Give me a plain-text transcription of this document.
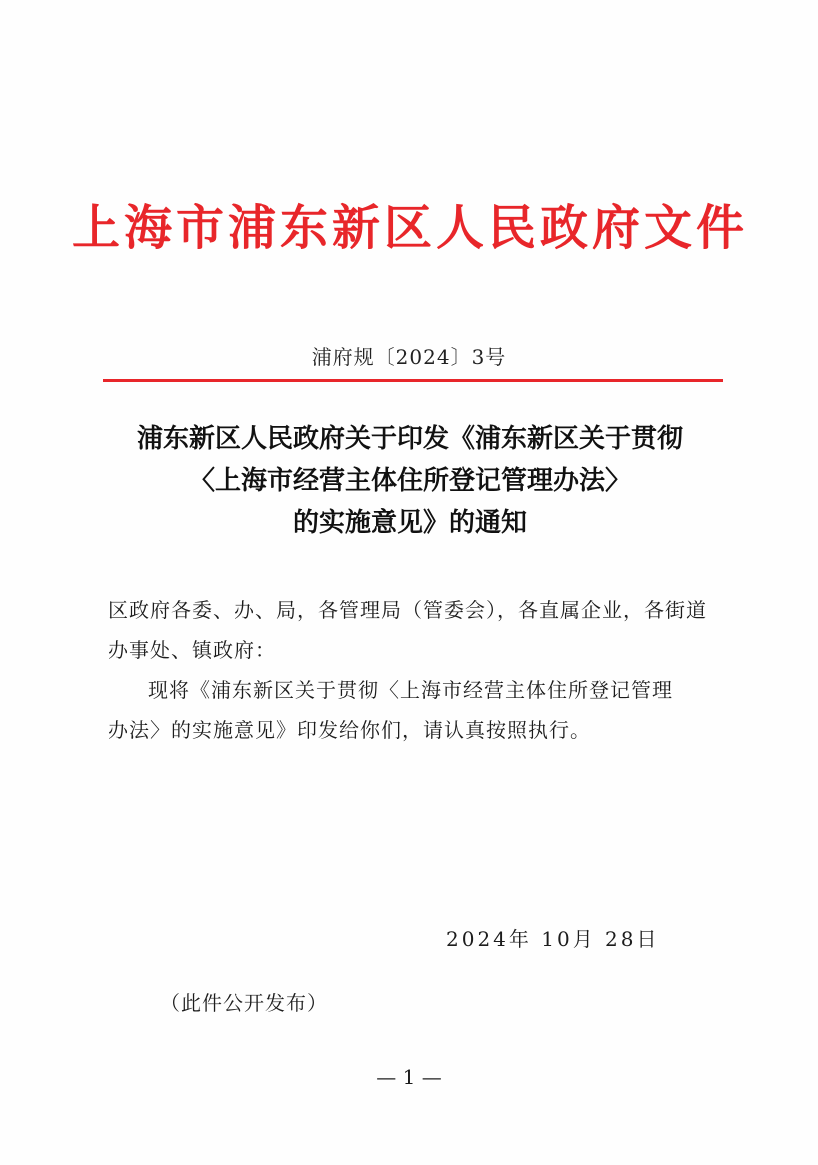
上海市浦东新区人民政府文件
浦府规〔2024〕3号
浦东新区人民政府关于印发《浦东新区关于贯彻
〈上海市经营主体住所登记管理办法〉
的实施意见》的通知
区政府各委、办、局，各管理局（管委会），各直属企业，各街道
办事处、镇政府：
现将《浦东新区关于贯彻〈上海市经营主体住所登记管理
办法〉的实施意见》印发给你们，请认真按照执行。
2024年 10月 28日
（此件公开发布）
— 1 —
